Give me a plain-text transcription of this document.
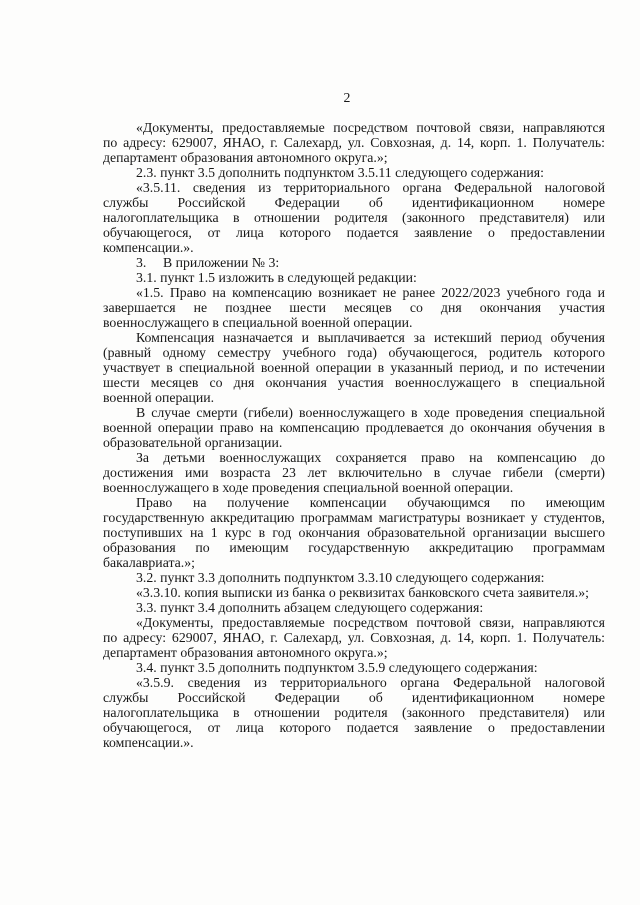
2
«Документы, предоставляемые посредством почтовой связи, направляются
по адресу: 629007, ЯНАО, г. Салехард, ул. Совхозная, д. 14, корп. 1. Получатель:
департамент образования автономного округа.»;
2.3. пункт 3.5 дополнить подпунктом 3.5.11 следующего содержания:
«3.5.11. сведения из территориального органа Федеральной налоговой
службы Российской Федерации об идентификационном номере
налогоплательщика в отношении родителя (законного представителя) или
обучающегося, от лица которого подается заявление о предоставлении
компенсации.».
3. В приложении № 3:
3.1. пункт 1.5 изложить в следующей редакции:
«1.5. Право на компенсацию возникает не ранее 2022/2023 учебного года и
завершается не позднее шести месяцев со дня окончания участия
военнослужащего в специальной военной операции.
Компенсация назначается и выплачивается за истекший период обучения
(равный одному семестру учебного года) обучающегося, родитель которого
участвует в специальной военной операции в указанный период, и по истечении
шести месяцев со дня окончания участия военнослужащего в специальной
военной операции.
В случае смерти (гибели) военнослужащего в ходе проведения специальной
военной операции право на компенсацию продлевается до окончания обучения в
образовательной организации.
За детьми военнослужащих сохраняется право на компенсацию до
достижения ими возраста 23 лет включительно в случае гибели (смерти)
военнослужащего в ходе проведения специальной военной операции.
Право на получение компенсации обучающимся по имеющим
государственную аккредитацию программам магистратуры возникает у студентов,
поступивших на 1 курс в год окончания образовательной организации высшего
образования по имеющим государственную аккредитацию программам
бакалавриата.»;
3.2. пункт 3.3 дополнить подпунктом 3.3.10 следующего содержания:
«3.3.10. копия выписки из банка о реквизитах банковского счета заявителя.»;
3.3. пункт 3.4 дополнить абзацем следующего содержания:
«Документы, предоставляемые посредством почтовой связи, направляются
по адресу: 629007, ЯНАО, г. Салехард, ул. Совхозная, д. 14, корп. 1. Получатель:
департамент образования автономного округа.»;
3.4. пункт 3.5 дополнить подпунктом 3.5.9 следующего содержания:
«3.5.9. сведения из территориального органа Федеральной налоговой
службы Российской Федерации об идентификационном номере
налогоплательщика в отношении родителя (законного представителя) или
обучающегося, от лица которого подается заявление о предоставлении
компенсации.».
